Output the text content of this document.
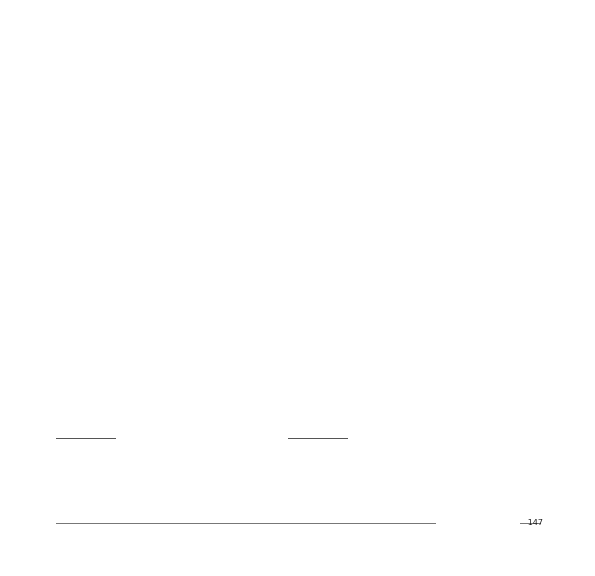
147
